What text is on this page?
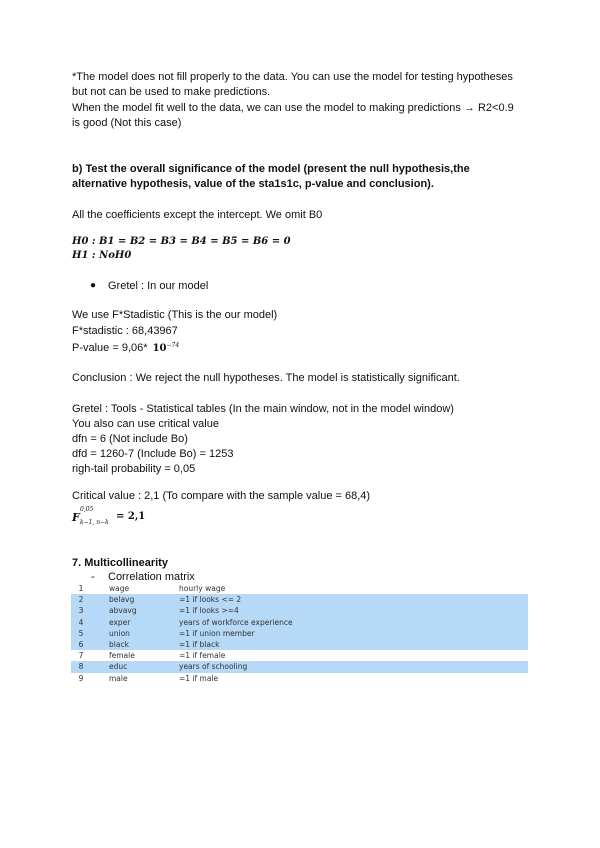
*The model does not fill properly to the data. You can use the model for testing hypotheses
but not can be used to make predictions.
When the model fit well to the data, we can use the model to making predictions → R2<0.9
is good (Not this case)
b) Test the overall significance of the model (present the null hypothesis,the
alternative hypothesis, value of the sta1s1c, p-value and conclusion).
All the coefficients except the intercept. We omit B0
H0 : B1 = B2 = B3 = B4 = B5 = B6 = 0
H1 : NoH0
● Gretel : In our model
We use F*Stadistic (This is the our model)
F*stadistic : 68,43967
P-value = 9,06* $10^{-74}$
Conclusion : We reject the null hypotheses. The model is statistically significant.
Gretel : Tools - Statistical tables (In the main window, not in the model window)
You also can use critical value
dfn = 6 (Not include Bo)
dfd = 1260-7 (Include Bo) = 1253
righ-tail probability = 0,05
Critical value : 2,1 (To compare with the sample value = 68,4)
F
0,05
k−1, n−k
= 2,1
7. Multicollinearity
- Correlation matrix
1	wage	hourly wage
2	belavg	=1 if looks <= 2
3	abvavg	=1 if looks >=4
4	exper	years of workforce experience
5	union	=1 if union member
6	black	=1 if black
7	female	=1 if female
8	educ	years of schooling
9	male	=1 if male
